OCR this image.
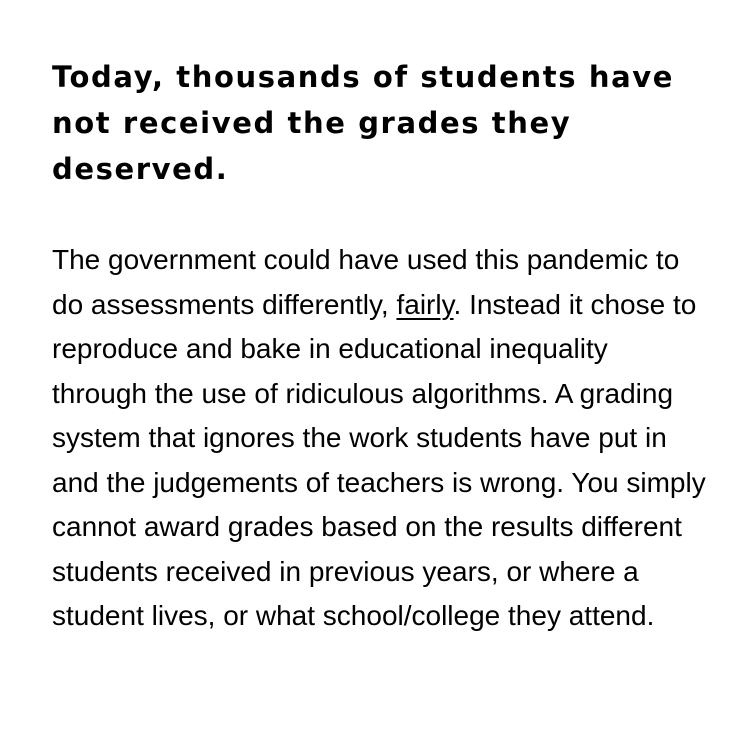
Today, thousands of students have not received the grades they deserved.

The government could have used this pandemic to do assessments differently, fairly. Instead it chose to reproduce and bake in educational inequality through the use of ridiculous algorithms. A grading system that ignores the work students have put in and the judgements of teachers is wrong. You simply cannot award grades based on the results different students received in previous years, or where a student lives, or what school/college they attend.
